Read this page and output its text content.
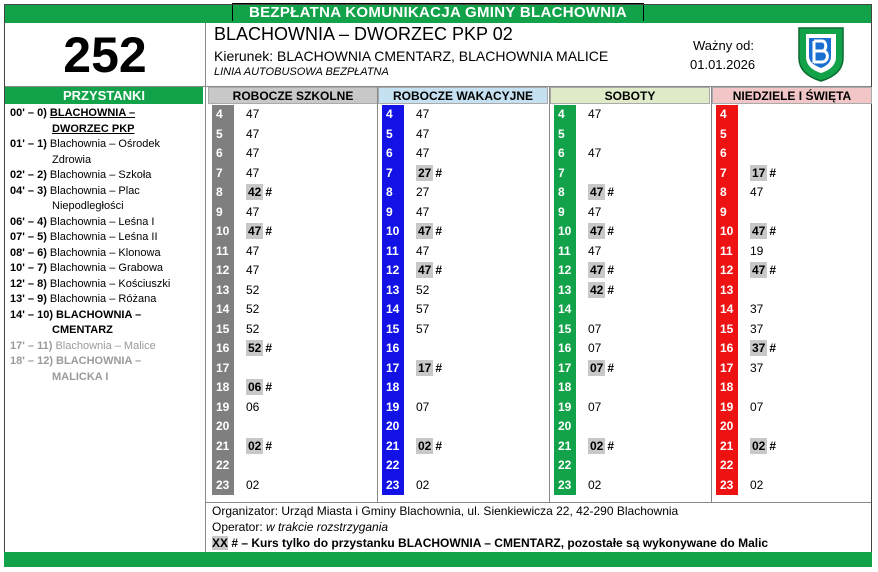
BEZPŁATNA KOMUNIKACJA GMINY BLACHOWNIA
252	BLACHOWNIA – DWORZEC PKP 02
Kierunek: BLACHOWNIA CMENTARZ, BLACHOWNIA MALICE
LINIA AUTOBUSOWA BEZPŁATNA
Ważny od:
01.01.2026
PRZYSTANKI
00' – 0) BLACHOWNIA –
DWORZEC PKP
01' – 1) Blachownia – Ośrodek
Zdrowia
02' – 2) Blachownia – Szkoła
04' – 3) Blachownia – Plac
Niepodległości
06' – 4) Blachownia – Leśna I
07' – 5) Blachownia – Leśna II
08' – 6) Blachownia – Klonowa
10' – 7) Blachownia – Grabowa
12' – 8) Blachownia – Kościuszki
13' – 9) Blachownia – Różana
14' – 10) BLACHOWNIA –
CMENTARZ
17' – 11) Blachownia – Malice
18' – 12) BLACHOWNIA –
MALICKA I
ROBOCZE SZKOLNE
4	47
5	47
6	47
7	47
8	42 #
9	47
10	47 #
11	47
12	47
13	52
14	52
15	52
16	52 #
17
18	06 #
19	06
20
21	02 #
22
23	02
ROBOCZE WAKACYJNE
4	47
5	47
6	47
7	27 #
8	27
9	47
10	47 #
11	47
12	47 #
13	52
14	57
15	57
16
17	17 #
18
19	07
20
21	02 #
22
23	02
SOBOTY
4	47
5
6	47
7
8	47 #
9	47
10	47 #
11	47
12	47 #
13	42 #
14
15	07
16	07
17	07 #
18
19	07
20
21	02 #
22
23	02
NIEDZIELE I ŚWIĘTA
4
5
6
7	17 #
8	47
9
10	47 #
11	19
12	47 #
13
14	37
15	37
16	37 #
17	37
18
19	07
20
21	02 #
22
23	02
Organizator: Urząd Miasta i Gminy Blachownia, ul. Sienkiewicza 22, 42-290 Blachownia
Operator: w trakcie rozstrzygania
XX # – Kurs tylko do przystanku BLACHOWNIA – CMENTARZ, pozostałe są wykonywane do Malic
